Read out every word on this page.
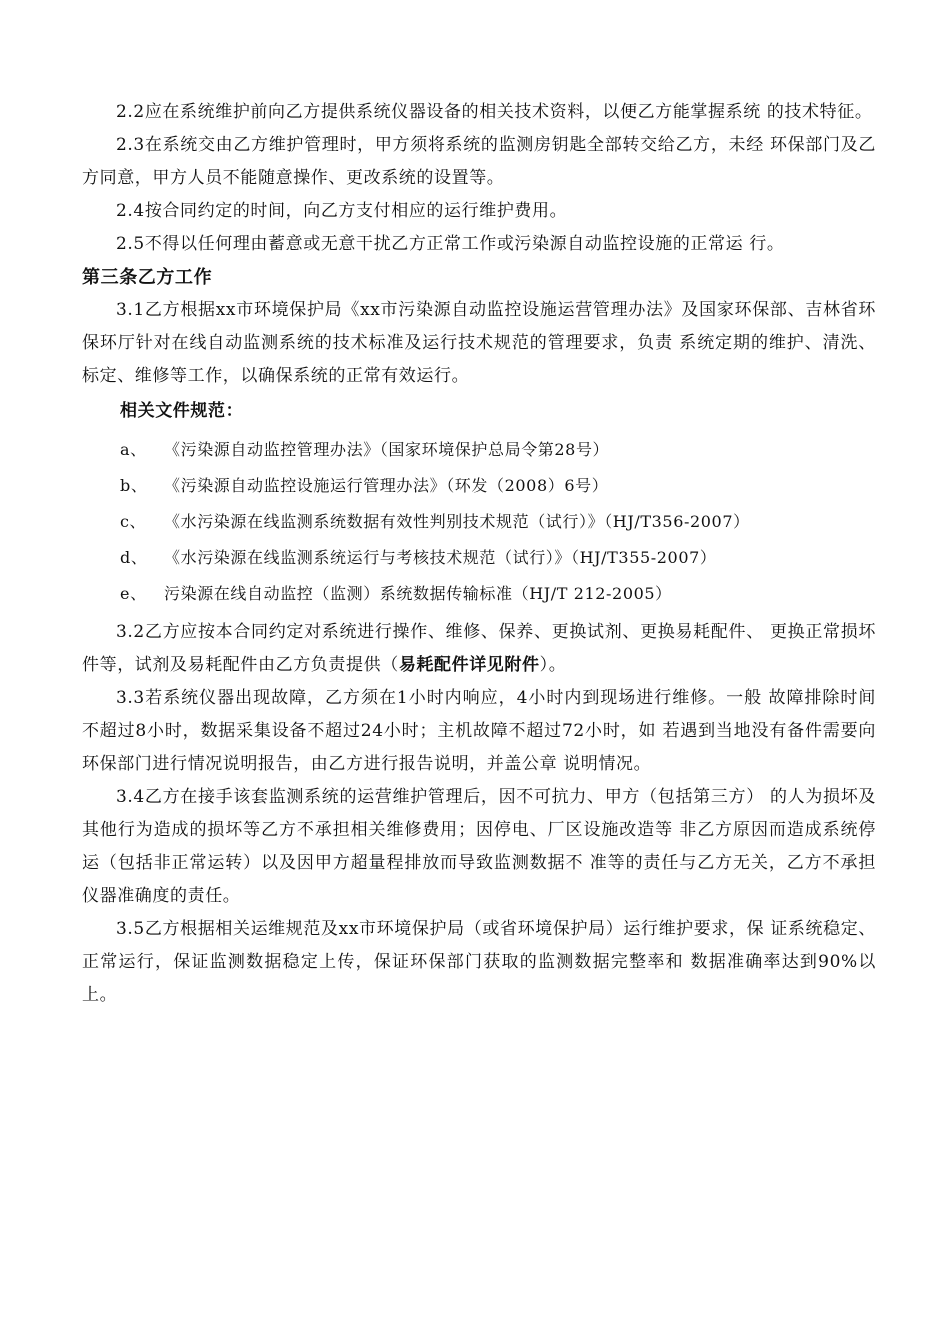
2.2应在系统维护前向乙方提供系统仪器设备的相关技术资料，以便乙方能掌握系统 的技术特征。

2.3在系统交由乙方维护管理时，甲方须将系统的监测房钥匙全部转交给乙方，未经 环保部门及乙方同意，甲方人员不能随意操作、更改系统的设置等。

2.4按合同约定的时间，向乙方支付相应的运行维护费用。

2.5不得以任何理由蓄意或无意干扰乙方正常工作或污染源自动监控设施的正常运 行。

第三条乙方工作

3.1乙方根据xx市环境保护局《xx市污染源自动监控设施运营管理办法》及国家环保部、吉林省环保环厅针对在线自动监测系统的技术标准及运行技术规范的管理要求，负责 系统定期的维护、清洗、标定、维修等工作，以确保系统的正常有效运行。

相关文件规范：
a、	《污染源自动监控管理办法》（国家环境保护总局令第28号）
b、	《污染源自动监控设施运行管理办法》（环发（2008）6号）
c、	《水污染源在线监测系统数据有效性判别技术规范（试行）》（HJ/T356-2007）
d、	《水污染源在线监测系统运行与考核技术规范（试行）》（HJ/T355-2007）
e、	污染源在线自动监控（监测）系统数据传输标准（HJ/T 212-2005）

3.2乙方应按本合同约定对系统进行操作、维修、保养、更换试剂、更换易耗配件、 更换正常损坏件等，试剂及易耗配件由乙方负责提供（易耗配件详见附件）。

3.3若系统仪器出现故障，乙方须在1小时内响应，4小时内到现场进行维修。一般 故障排除时间不超过8小时，数据采集设备不超过24小时；主机故障不超过72小时，如 若遇到当地没有备件需要向环保部门进行情况说明报告，由乙方进行报告说明，并盖公章 说明情况。

3.4乙方在接手该套监测系统的运营维护管理后，因不可抗力、甲方（包括第三方） 的人为损坏及其他行为造成的损坏等乙方不承担相关维修费用；因停电、厂区设施改造等 非乙方原因而造成系统停运（包括非正常运转）以及因甲方超量程排放而导致监测数据不 准等的责任与乙方无关，乙方不承担仪器准确度的责任。

3.5乙方根据相关运维规范及xx市环境保护局（或省环境保护局）运行维护要求，保 证系统稳定、正常运行，保证监测数据稳定上传，保证环保部门获取的监测数据完整率和 数据准确率达到90%以上。
